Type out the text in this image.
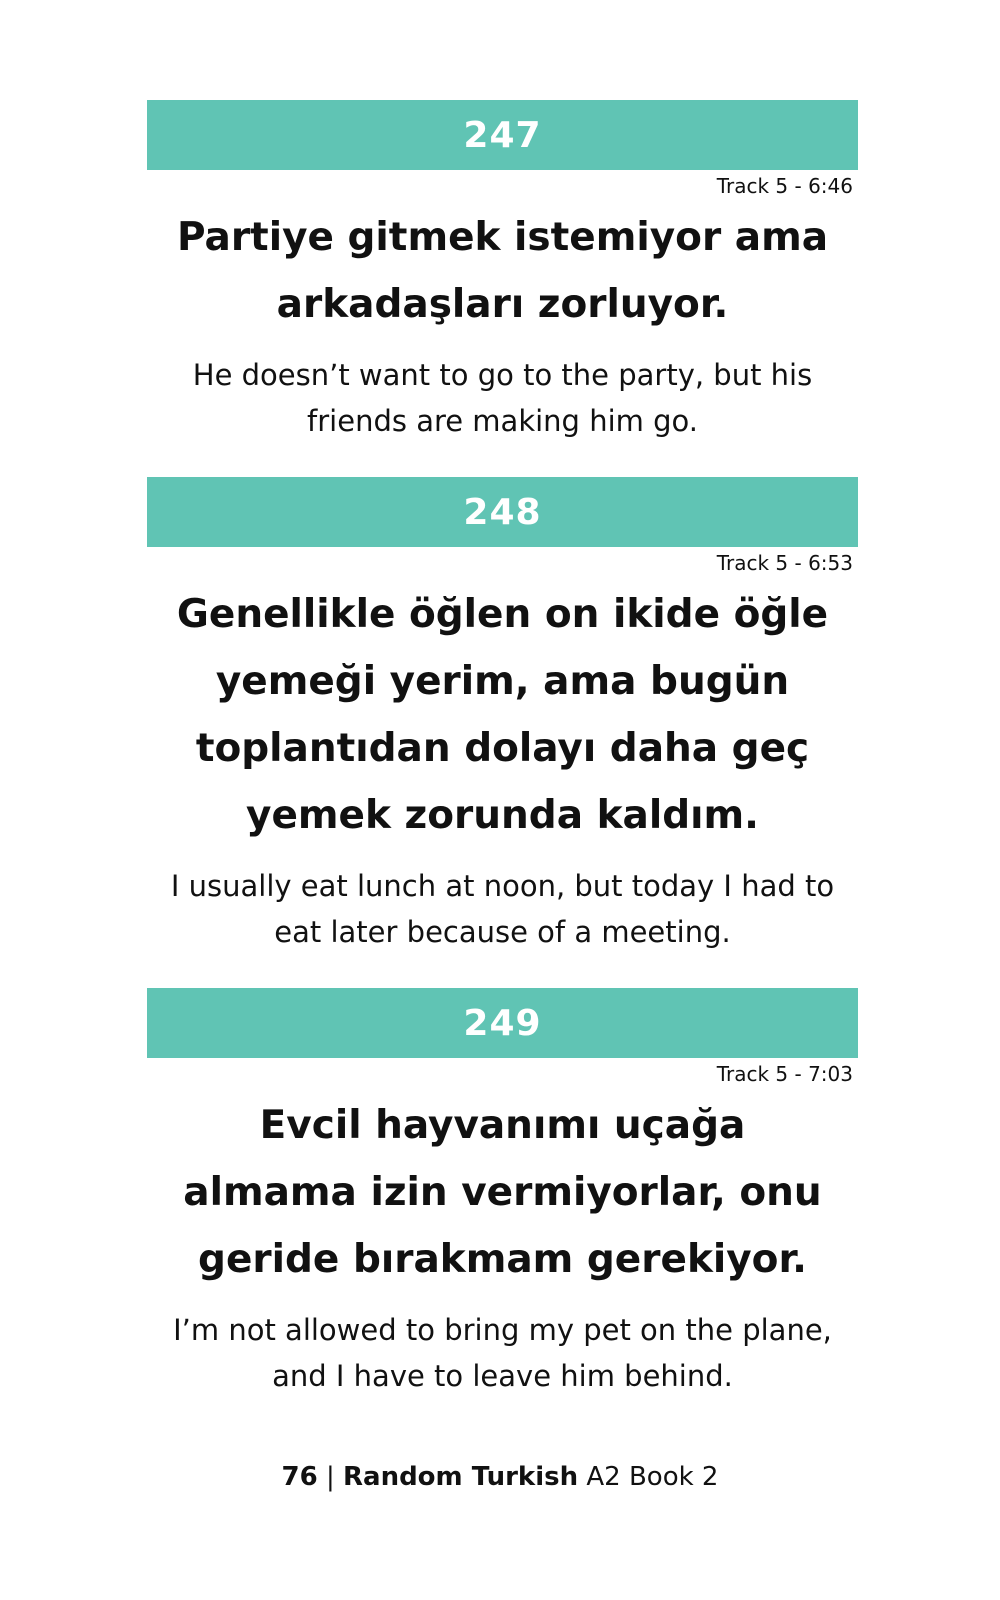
247
Track 5 - 6:46
Partiye gitmek istemiyor ama arkadaşları zorluyor.
He doesn’t want to go to the party, but his friends are making him go.
248
Track 5 - 6:53
Genellikle öğlen on ikide öğle yemeği yerim, ama bugün toplantıdan dolayı daha geç yemek zorunda kaldım.
I usually eat lunch at noon, but today I had to eat later because of a meeting.
249
Track 5 - 7:03
Evcil hayvanımı uçağa almama izin vermiyorlar, onu geride bırakmam gerekiyor.
I’m not allowed to bring my pet on the plane, and I have to leave him behind.
76 | Random Turkish A2 Book 2
